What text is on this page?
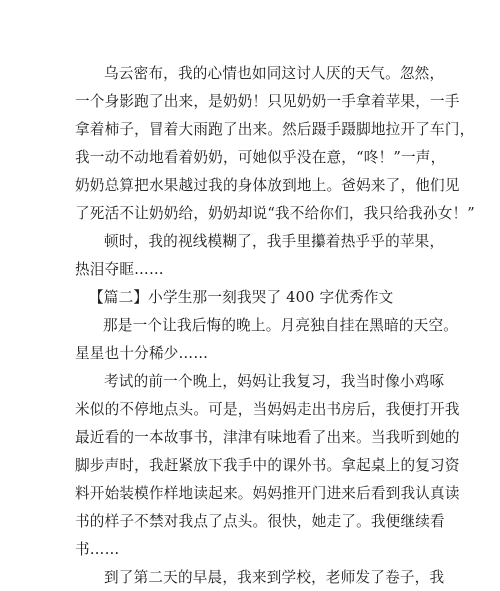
乌云密布，我的心情也如同这讨人厌的天气。忽然，
一个身影跑了出来，是奶奶！只见奶奶一手拿着苹果，一手
拿着柿子，冒着大雨跑了出来。然后蹑手蹑脚地拉开了车门，
我一动不动地看着奶奶，可她似乎没在意，“咚！”一声，
奶奶总算把水果越过我的身体放到地上。爸妈来了，他们见
了死活不让奶奶给，奶奶却说“我不给你们，我只给我孙女！”
顿时，我的视线模糊了，我手里攥着热乎乎的苹果，
热泪夺眶……
【篇二】小学生那一刻我哭了 400 字优秀作文
那是一个让我后悔的晚上。月亮独自挂在黑暗的天空。
星星也十分稀少……
考试的前一个晚上，妈妈让我复习，我当时像小鸡啄
米似的不停地点头。可是，当妈妈走出书房后，我便打开我
最近看的一本故事书，津津有味地看了出来。当我听到她的
脚步声时，我赶紧放下我手中的课外书。拿起桌上的复习资
料开始装模作样地读起来。妈妈推开门进来后看到我认真读
书的样子不禁对我点了点头。很快，她走了。我便继续看
书……
到了第二天的早晨，我来到学校，老师发了卷子，我
